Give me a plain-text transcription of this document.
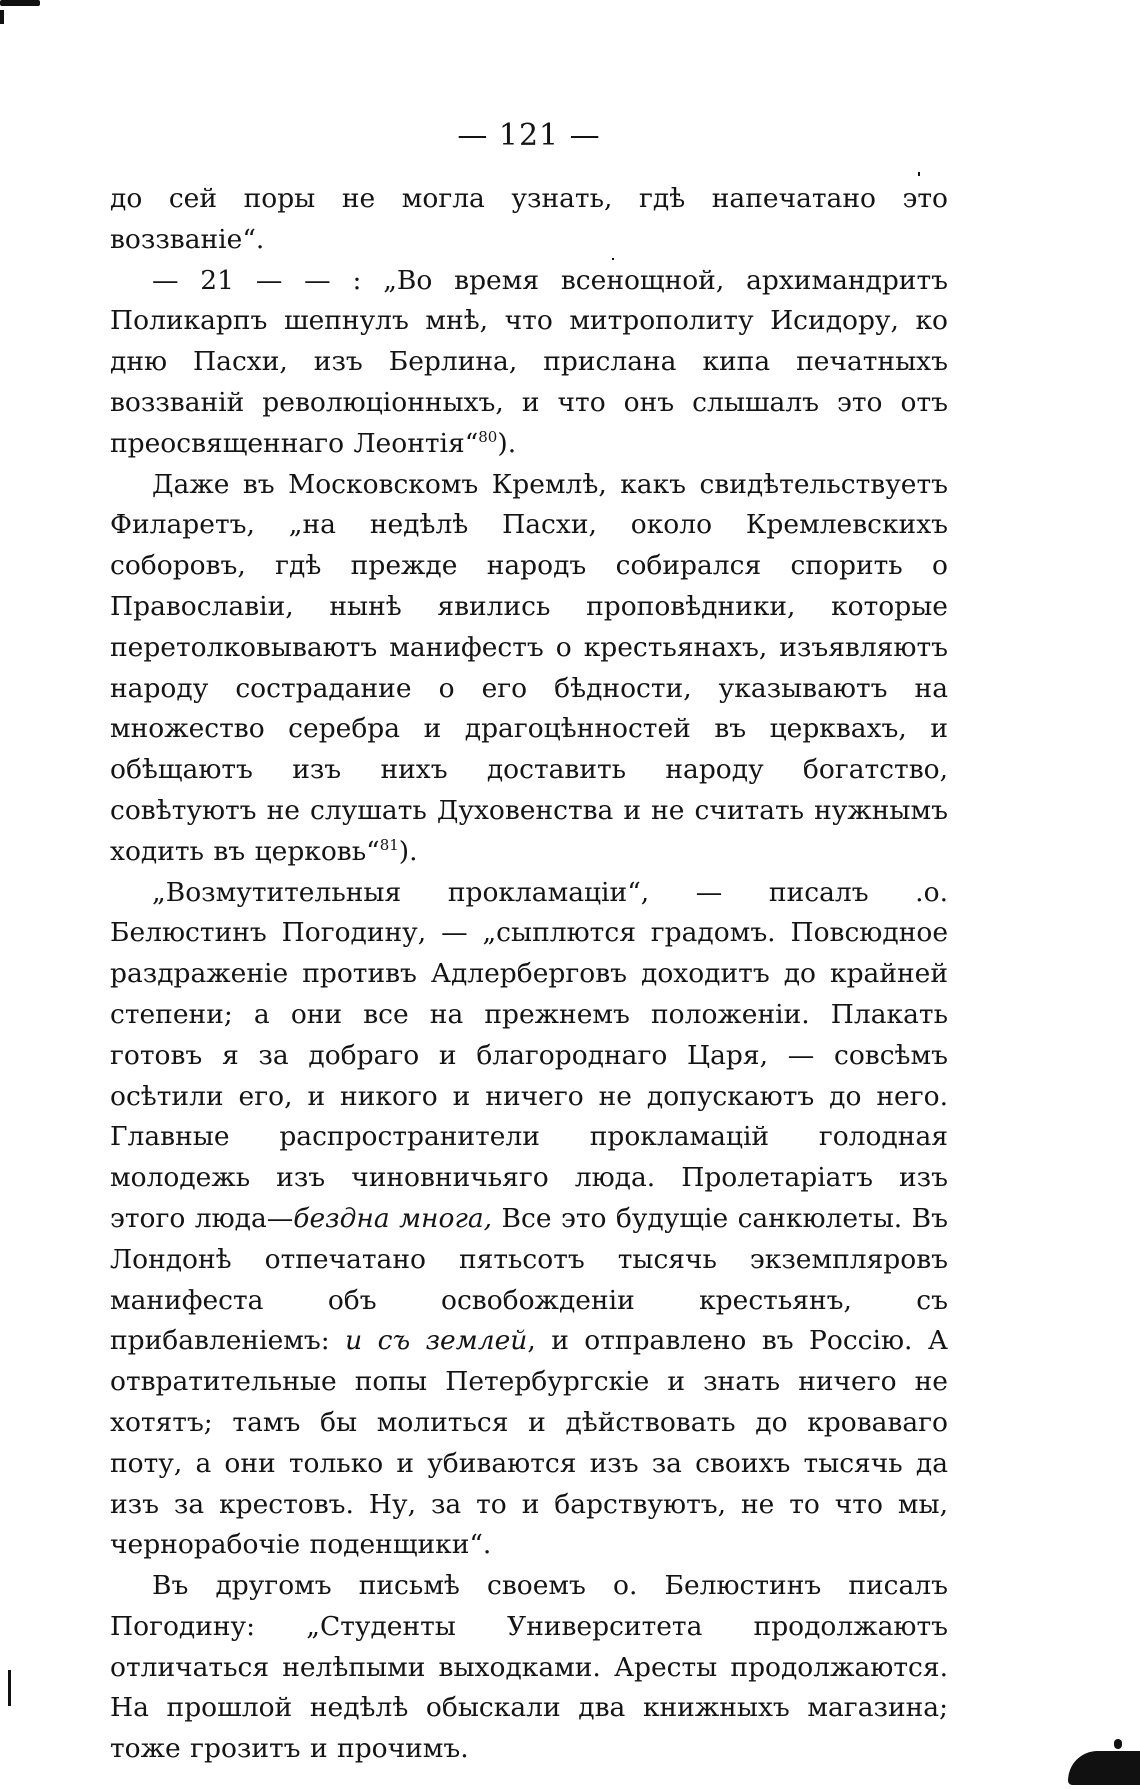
— 121 —

до сей поры не могла узнать, гдѣ напечатано это воззваніе“.

— 21 — — : „Во время всенощной, архимандритъ Поликарпъ шепнулъ мнѣ, что митрополиту Исидору, ко дню Пасхи, изъ Берлина, прислана кипа печатныхъ воззваній революціонныхъ, и что онъ слышалъ это отъ преосвященнаго Леонтія“$^{80}$).

Даже въ Московскомъ Кремлѣ, какъ свидѣтельствуетъ Филаретъ, „на недѣлѣ Пасхи, около Кремлевскихъ соборовъ, гдѣ прежде народъ собирался спорить о Православіи, нынѣ явились проповѣдники, которые перетолковываютъ манифестъ о крестьянахъ, изъявляютъ народу сострадание о его бѣдности, указываютъ на множество серебра и драгоцѣнностей въ церквахъ, и обѣщаютъ изъ нихъ доставить народу богатство, совѣтуютъ не слушать Духовенства и не считать нужнымъ ходить въ церковь“$^{81}$).

„Возмутительныя прокламаціи“, — писалъ .о. Белюстинъ Погодину, — „сыплются градомъ. Повсюдное раздраженіе противъ Адлерберговъ доходитъ до крайней степени; а они все на прежнемъ положеніи. Плакать готовъ я за добраго и благороднаго Царя, — совсѣмъ осѣтили его, и никого и ничего не допускаютъ до него. Главные распространители прокламацій голодная молодежь изъ чиновничьяго люда. Пролетаріатъ изъ этого люда—бездна многа, Все это будущіе санкюлеты. Въ Лондонѣ отпечатано пятьсотъ тысячь экземпляровъ манифеста объ освобожденіи крестьянъ, съ прибавленіемъ: и съ землей, и отправлено въ Россію. А отвратительные попы Петербургскіе и знать ничего не хотятъ; тамъ бы молиться и дѣйствовать до кроваваго поту, а они только и убиваются изъ за своихъ тысячь да изъ за крестовъ. Ну, за то и барствуютъ, не то что мы, чернорабочіе поденщики“.

Въ другомъ письмѣ своемъ о. Белюстинъ писалъ Погодину: „Студенты Университета продолжаютъ отличаться нелѣпыми выходками. Аресты продолжаются. На прошлой недѣлѣ обыскали два книжныхъ магазина; тоже грозитъ и прочимъ.
